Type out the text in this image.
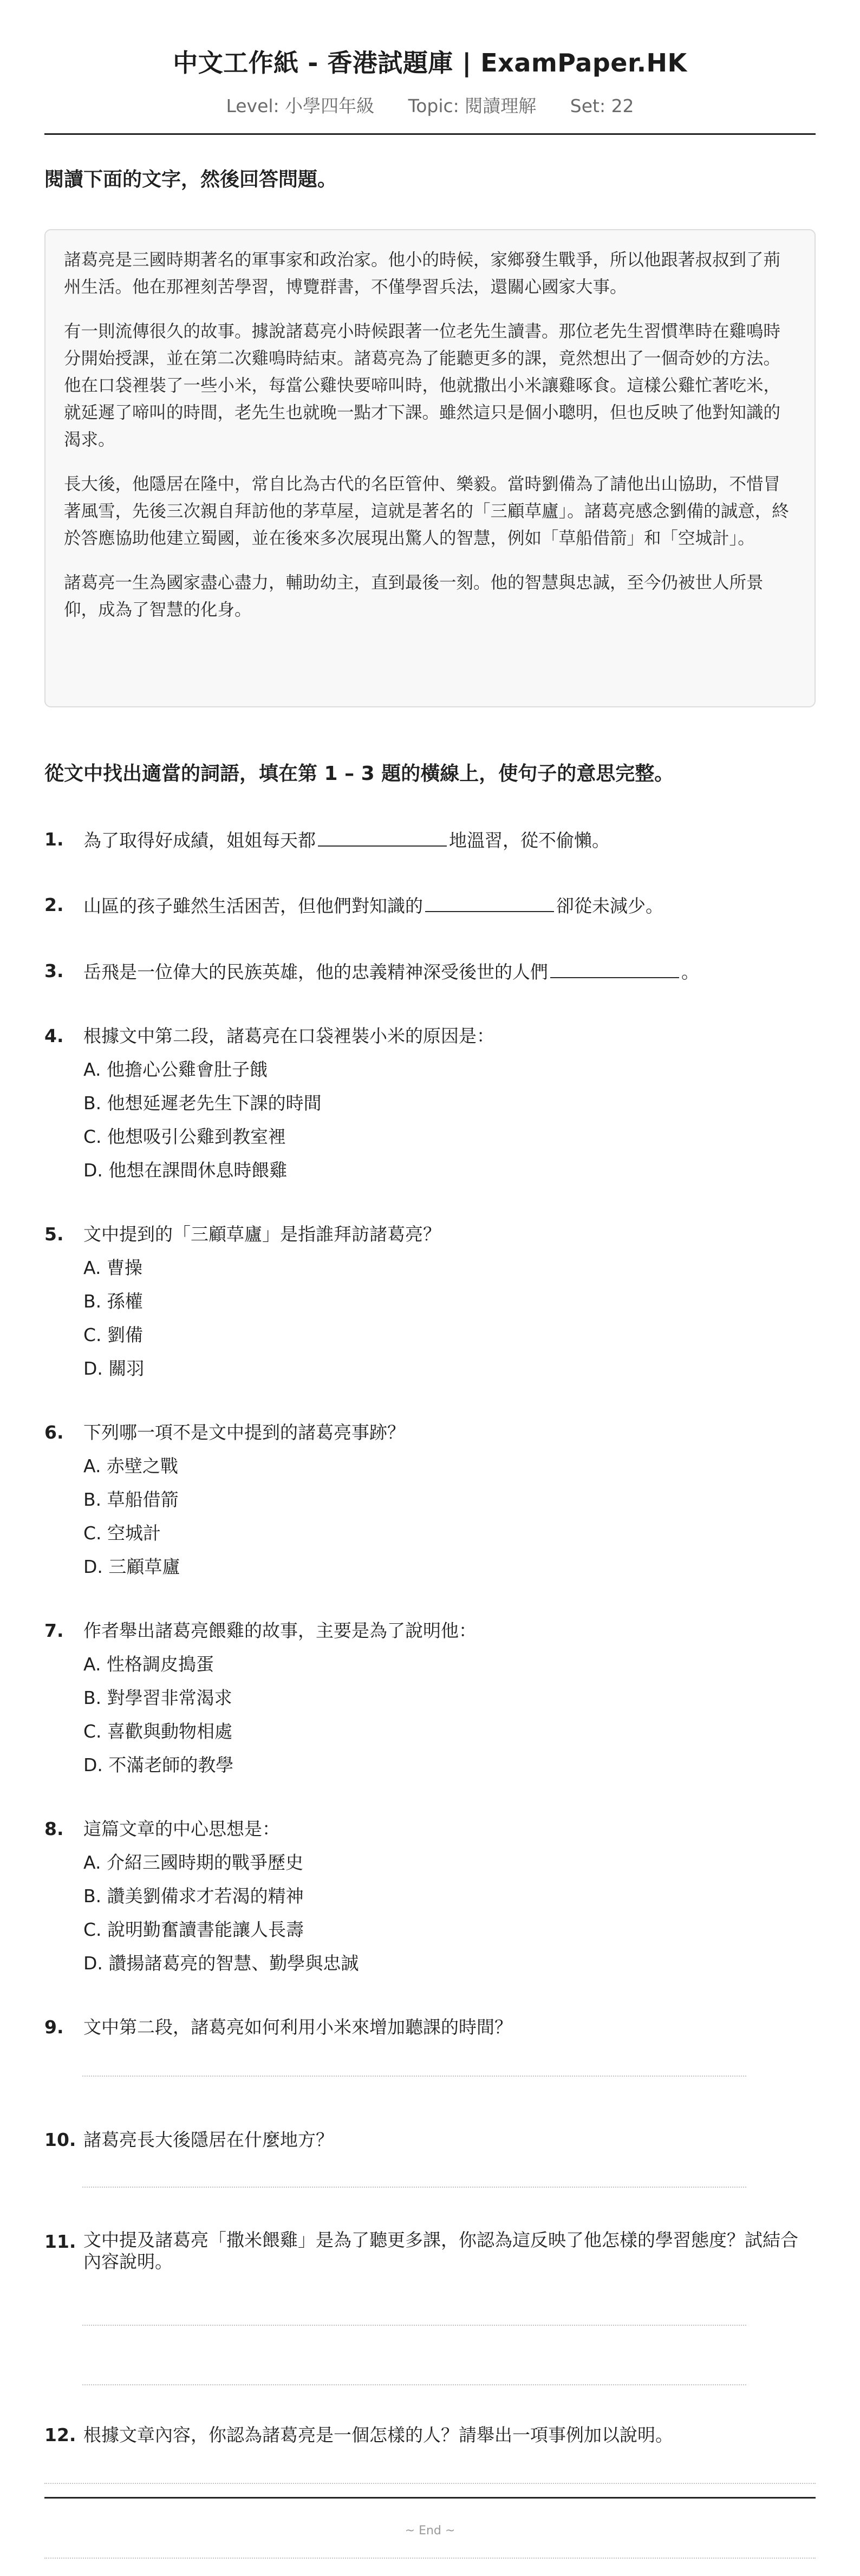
中文工作紙 - 香港試題庫 | ExamPaper.HK
Level: 小學四年級 Topic: 閱讀理解 Set: 22
閱讀下面的文字，然後回答問題。

諸葛亮是三國時期著名的軍事家和政治家。他小的時候，家鄉發生戰爭，所以他跟著叔叔到了荊州生活。他在那裡刻苦學習，博覽群書，不僅學習兵法，還關心國家大事。

有一則流傳很久的故事。據說諸葛亮小時候跟著一位老先生讀書。那位老先生習慣準時在雞鳴時分開始授課，並在第二次雞鳴時結束。諸葛亮為了能聽更多的課，竟然想出了一個奇妙的方法。他在口袋裡裝了一些小米，每當公雞快要啼叫時，他就撒出小米讓雞啄食。這樣公雞忙著吃米，就延遲了啼叫的時間，老先生也就晚一點才下課。雖然這只是個小聰明，但也反映了他對知識的渴求。

長大後，他隱居在隆中，常自比為古代的名臣管仲、樂毅。當時劉備為了請他出山協助，不惜冒著風雪，先後三次親自拜訪他的茅草屋，這就是著名的「三顧草廬」。諸葛亮感念劉備的誠意，終於答應協助他建立蜀國，並在後來多次展現出驚人的智慧，例如「草船借箭」和「空城計」。

諸葛亮一生為國家盡心盡力，輔助幼主，直到最後一刻。他的智慧與忠誠，至今仍被世人所景仰，成為了智慧的化身。

從文中找出適當的詞語，填在第 1 – 3 題的橫線上，使句子的意思完整。
1. 為了取得好成績，姐姐每天都	地溫習，從不偷懶。
2. 山區的孩子雖然生活困苦，但他們對知識的	卻從未減少。
3. 岳飛是一位偉大的民族英雄，他的忠義精神深受後世的人們	。
4. 根據文中第二段，諸葛亮在口袋裡裝小米的原因是：
A. 他擔心公雞會肚子餓
B. 他想延遲老先生下課的時間
C. 他想吸引公雞到教室裡
D. 他想在課間休息時餵雞
5. 文中提到的「三顧草廬」是指誰拜訪諸葛亮？
A. 曹操
B. 孫權
C. 劉備
D. 關羽
6. 下列哪一項不是文中提到的諸葛亮事跡？
A. 赤壁之戰
B. 草船借箭
C. 空城計
D. 三顧草廬
7. 作者舉出諸葛亮餵雞的故事，主要是為了說明他：
A. 性格調皮搗蛋
B. 對學習非常渴求
C. 喜歡與動物相處
D. 不滿老師的教學
8. 這篇文章的中心思想是：
A. 介紹三國時期的戰爭歷史
B. 讚美劉備求才若渴的精神
C. 說明勤奮讀書能讓人長壽
D. 讚揚諸葛亮的智慧、勤學與忠誠
9. 文中第二段，諸葛亮如何利用小米來增加聽課的時間？
10. 諸葛亮長大後隱居在什麼地方？
11. 文中提及諸葛亮「撒米餵雞」是為了聽更多課，你認為這反映了他怎樣的學習態度？試結合內容說明。
12. 根據文章內容，你認為諸葛亮是一個怎樣的人？請舉出一項事例加以說明。
~ End ~
